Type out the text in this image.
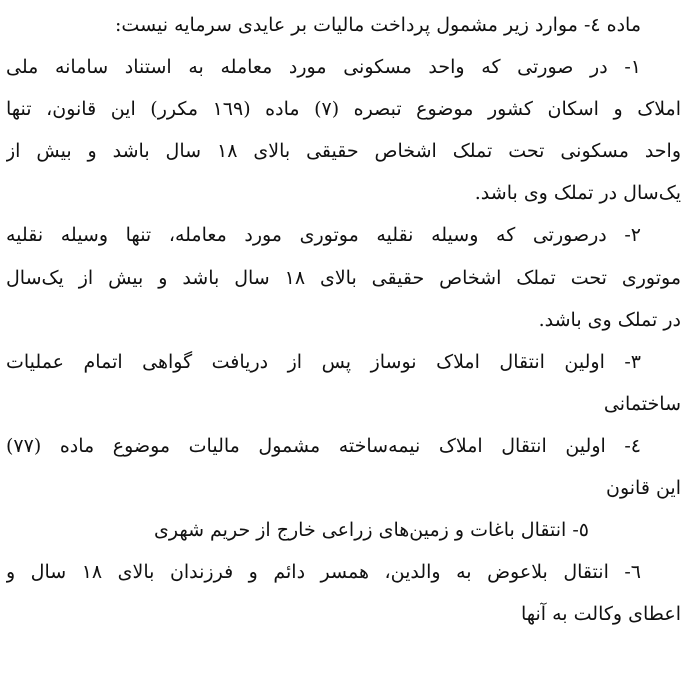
ماده ٤- موارد زیر مشمول پرداخت مالیات بر عایدی سرمایه نیست:
١- در صورتی که واحد مسکونی مورد معامله به استناد سامانه ملی
املاک و اسکان کشور موضوع تبصره (٧) ماده (١٦٩ مکرر) این قانون، تنها
واحد مسکونی تحت تملک اشخاص حقیقی بالای ١٨ سال باشد و بیش از
یک‌سال در تملک وی باشد.
٢- درصورتی که وسیله نقلیه موتوری مورد معامله، تنها وسیله نقلیه
موتوری تحت تملک اشخاص حقیقی بالای ١٨ سال باشد و بیش از یک‌سال
در تملک وی باشد.
٣- اولین انتقال املاک نوساز پس از دریافت گواهی اتمام عملیات
ساختمانی
٤- اولین انتقال املاک نیمه‌ساخته مشمول مالیات موضوع ماده (٧٧)
این قانون
٥- انتقال باغات و زمین‌های زراعی خارج از حریم شهری
٦- انتقال بلاعوض به والدین، همسر دائم و فرزندان بالای ١٨ سال و
اعطای وکالت به آنها
